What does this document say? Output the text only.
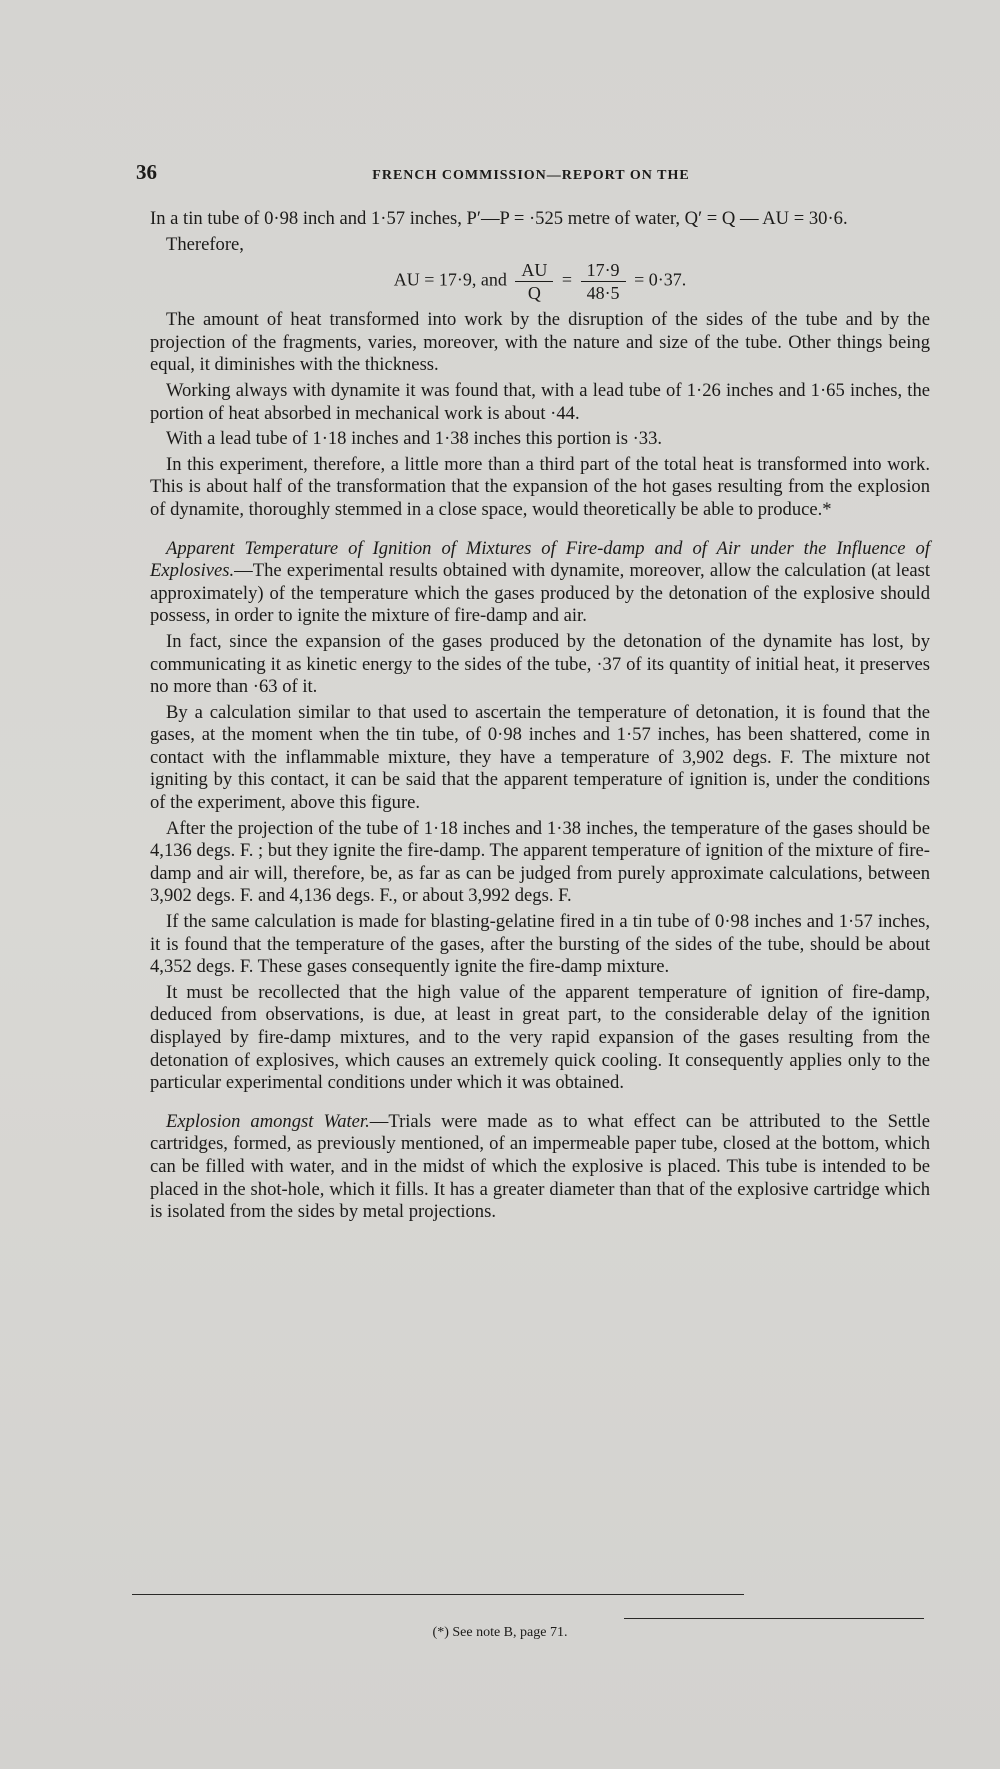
36	FRENCH COMMISSION—REPORT ON THE

In a tin tube of 0·98 inch and 1·57 inches, P′—P = ·525 metre of water, Q′ = Q — AU = 30·6.

Therefore,

AU = 17·9, and $\frac{AU}{Q} = \frac{17\cdot 9}{48\cdot 5} = 0\cdot 37$.

The amount of heat transformed into work by the disruption of the sides of the tube and by the projection of the fragments, varies, moreover, with the nature and size of the tube. Other things being equal, it diminishes with the thickness.

Working always with dynamite it was found that, with a lead tube of 1·26 inches and 1·65 inches, the portion of heat absorbed in mechanical work is about ·44.

With a lead tube of 1·18 inches and 1·38 inches this portion is ·33.

In this experiment, therefore, a little more than a third part of the total heat is transformed into work. This is about half of the transformation that the expansion of the hot gases resulting from the explosion of dynamite, thoroughly stemmed in a close space, would theoretically be able to produce.*

Apparent Temperature of Ignition of Mixtures of Fire-damp and of Air under the Influence of Explosives.—The experimental results obtained with dynamite, moreover, allow the calculation (at least approximately) of the temperature which the gases produced by the detonation of the explosive should possess, in order to ignite the mixture of fire-damp and air.

In fact, since the expansion of the gases produced by the detonation of the dynamite has lost, by communicating it as kinetic energy to the sides of the tube, ·37 of its quantity of initial heat, it preserves no more than ·63 of it.

By a calculation similar to that used to ascertain the temperature of detonation, it is found that the gases, at the moment when the tin tube, of 0·98 inches and 1·57 inches, has been shattered, come in contact with the inflammable mixture, they have a temperature of 3,902 degs. F. The mixture not igniting by this contact, it can be said that the apparent temperature of ignition is, under the conditions of the experiment, above this figure.

After the projection of the tube of 1·18 inches and 1·38 inches, the temperature of the gases should be 4,136 degs. F. ; but they ignite the fire-damp. The apparent temperature of ignition of the mixture of fire-damp and air will, therefore, be, as far as can be judged from purely approximate calculations, between 3,902 degs. F. and 4,136 degs. F., or about 3,992 degs. F.

If the same calculation is made for blasting-gelatine fired in a tin tube of 0·98 inches and 1·57 inches, it is found that the temperature of the gases, after the bursting of the sides of the tube, should be about 4,352 degs. F. These gases consequently ignite the fire-damp mixture.

It must be recollected that the high value of the apparent temperature of ignition of fire-damp, deduced from observations, is due, at least in great part, to the considerable delay of the ignition displayed by fire-damp mixtures, and to the very rapid expansion of the gases resulting from the detonation of explosives, which causes an extremely quick cooling. It consequently applies only to the particular experimental conditions under which it was obtained.

Explosion amongst Water.—Trials were made as to what effect can be attributed to the Settle cartridges, formed, as previously mentioned, of an impermeable paper tube, closed at the bottom, which can be filled with water, and in the midst of which the explosive is placed. This tube is intended to be placed in the shot-hole, which it fills. It has a greater diameter than that of the explosive cartridge which is isolated from the sides by metal projections.

(*) See note B, page 71.
